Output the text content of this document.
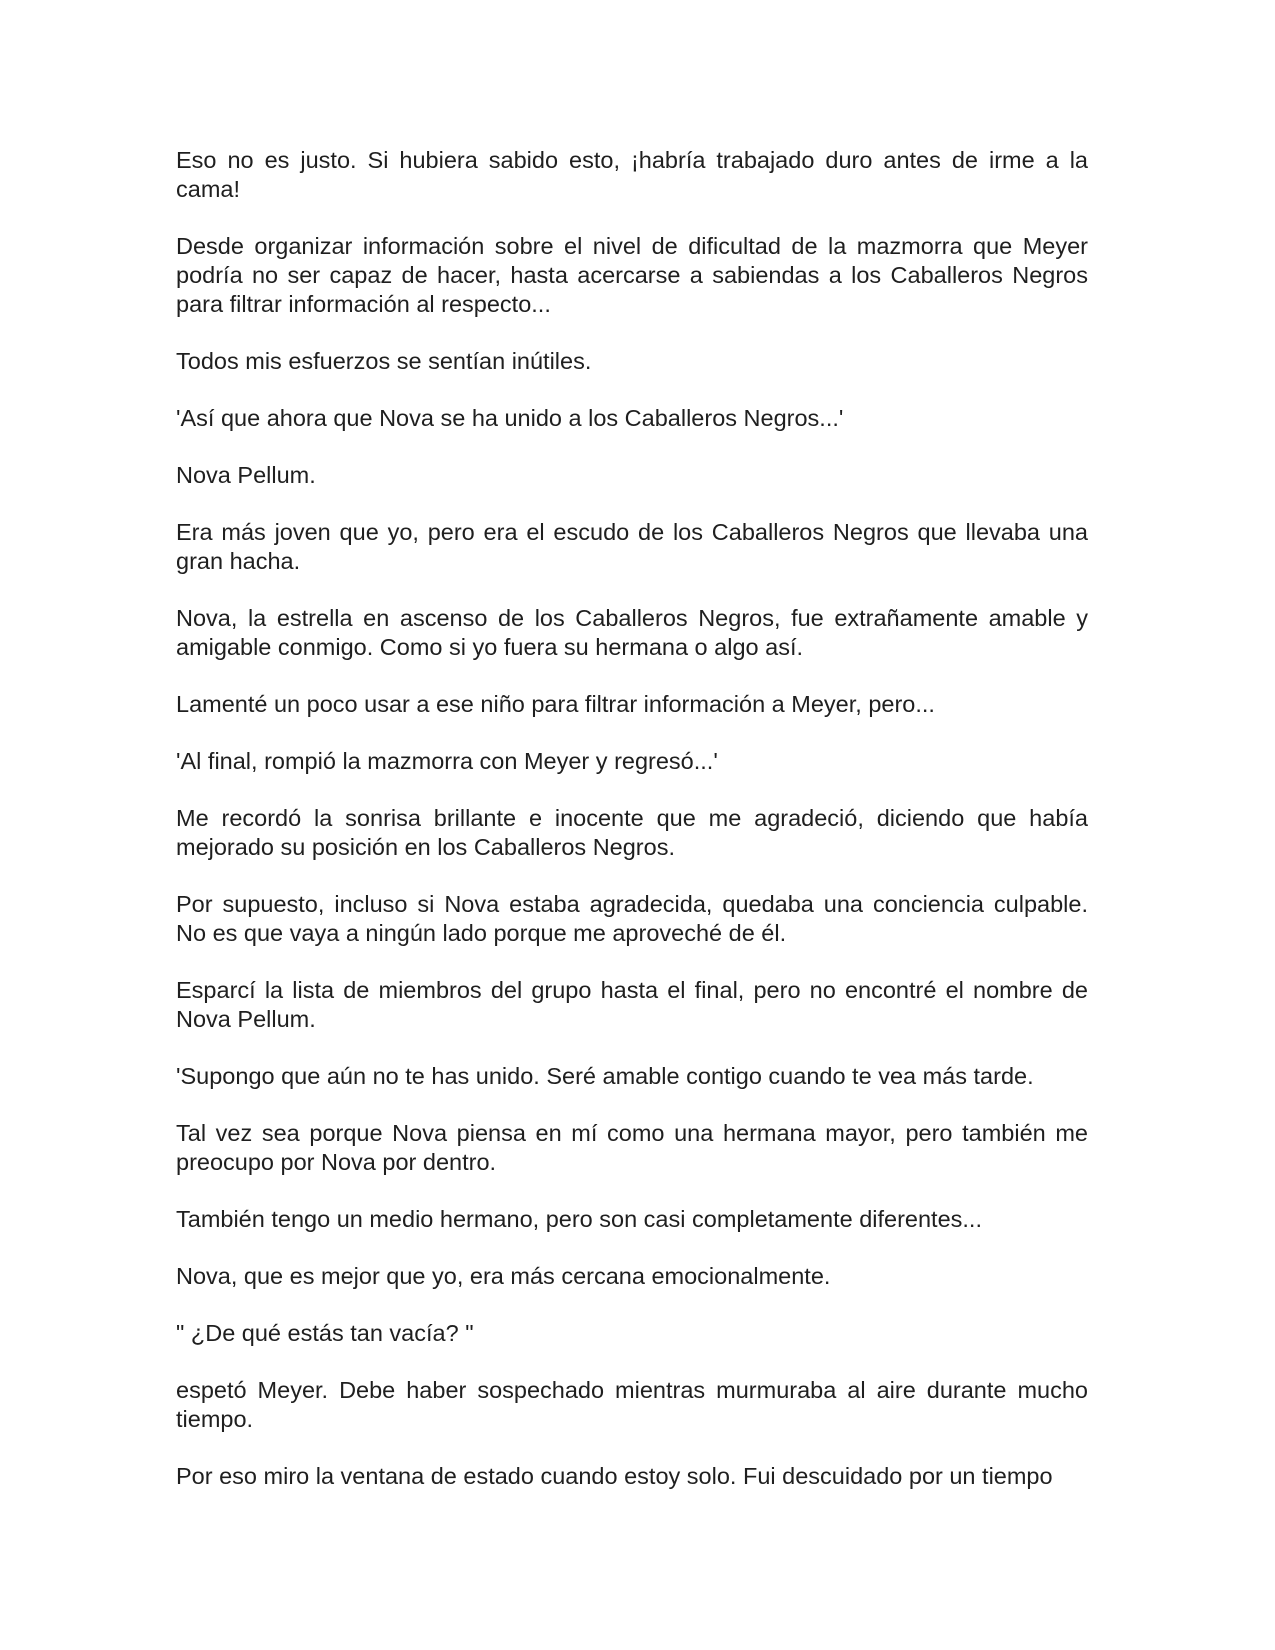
Eso no es justo. Si hubiera sabido esto, ¡habría trabajado duro antes de irme a la cama!

Desde organizar información sobre el nivel de dificultad de la mazmorra que Meyer podría no ser capaz de hacer, hasta acercarse a sabiendas a los Caballeros Negros para filtrar información al respecto...

Todos mis esfuerzos se sentían inútiles.

'Así que ahora que Nova se ha unido a los Caballeros Negros...'

Nova Pellum.

Era más joven que yo, pero era el escudo de los Caballeros Negros que llevaba una gran hacha.

Nova, la estrella en ascenso de los Caballeros Negros, fue extrañamente amable y amigable conmigo. Como si yo fuera su hermana o algo así.

Lamenté un poco usar a ese niño para filtrar información a Meyer, pero...

'Al final, rompió la mazmorra con Meyer y regresó...'

Me recordó la sonrisa brillante e inocente que me agradeció, diciendo que había mejorado su posición en los Caballeros Negros.

Por supuesto, incluso si Nova estaba agradecida, quedaba una conciencia culpable. No es que vaya a ningún lado porque me aproveché de él.

Esparcí la lista de miembros del grupo hasta el final, pero no encontré el nombre de Nova Pellum.

'Supongo que aún no te has unido. Seré amable contigo cuando te vea más tarde.

Tal vez sea porque Nova piensa en mí como una hermana mayor, pero también me preocupo por Nova por dentro.

También tengo un medio hermano, pero son casi completamente diferentes...

Nova, que es mejor que yo, era más cercana emocionalmente.

" ¿De qué estás tan vacía? "

espetó Meyer. Debe haber sospechado mientras murmuraba al aire durante mucho tiempo.

Por eso miro la ventana de estado cuando estoy solo. Fui descuidado por un tiempo
